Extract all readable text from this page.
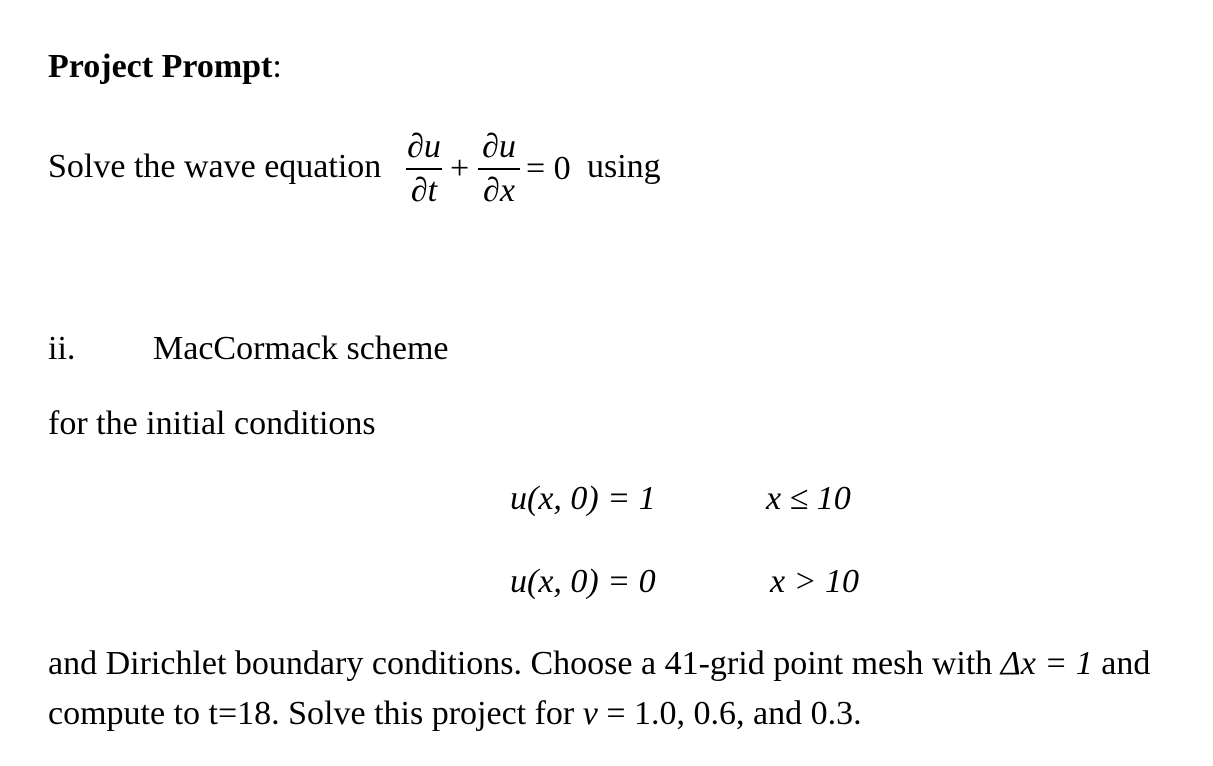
Project Prompt:
Solve the wave equation
∂u
∂t
+
∂u
∂x
= 0 using
ii. MacCormack scheme
for the initial conditions
u(x, 0) = 1	x ≤ 10
u(x, 0) = 0	x > 10
and Dirichlet boundary conditions. Choose a 41-grid point mesh with Δx = 1 and
compute to t=18. Solve this project for ν = 1.0, 0.6, and 0.3.
